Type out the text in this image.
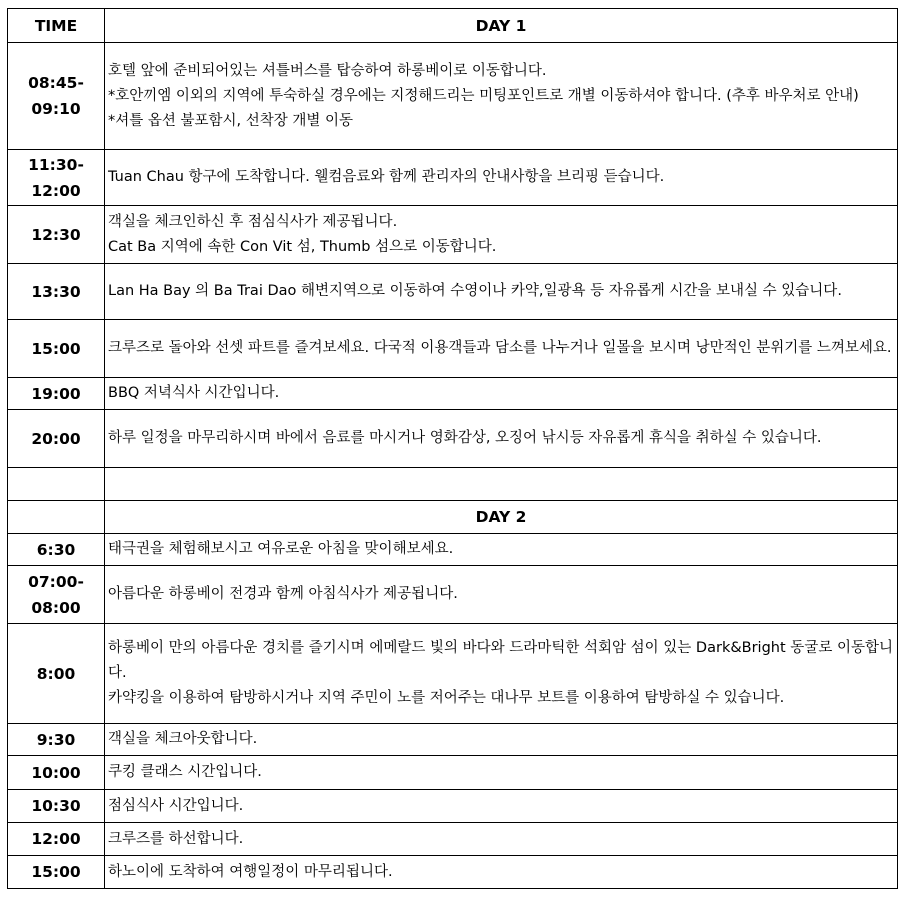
TIME	DAY 1

08:45-
09:10	호텔 앞에 준비되어있는 셔틀버스를 탑승하여 하롱베이로 이동합니다.
*호안끼엠 이외의 지역에 투숙하실 경우에는 지정해드리는 미팅포인트로 개별 이동하셔야 합니다. (추후 바우처로 안내)
*셔틀 옵션 불포함시, 선착장 개별 이동

11:30-
12:00	Tuan Chau 항구에 도착합니다. 웰컴음료와 함께 관리자의 안내사항을 브리핑 듣습니다.

12:30	객실을 체크인하신 후 점심식사가 제공됩니다.
Cat Ba 지역에 속한 Con Vit 섬, Thumb 섬으로 이동합니다.

13:30	Lan Ha Bay 의 Ba Trai Dao 해변지역으로 이동하여 수영이나 카약,일광욕 등 자유롭게 시간을 보내실 수 있습니다.

15:00	크루즈로 돌아와 선셋 파트를 즐겨보세요. 다국적 이용객들과 담소를 나누거나 일몰을 보시며 낭만적인 분위기를 느껴보세요.

19:00	BBQ 저녁식사 시간입니다.

20:00	하루 일정을 마무리하시며 바에서 음료를 마시거나 영화감상, 오징어 낚시등 자유롭게 휴식을 취하실 수 있습니다.

	DAY 2

6:30	태극권을 체험해보시고 여유로운 아침을 맞이해보세요.

07:00-
08:00	아름다운 하롱베이 전경과 함께 아침식사가 제공됩니다.

8:00	하롱베이 만의 아름다운 경치를 즐기시며 에메랄드 빛의 바다와 드라마틱한 석회암 섬이 있는 Dark&Bright 동굴로 이동합니다.
카약킹을 이용하여 탐방하시거나 지역 주민이 노를 저어주는 대나무 보트를 이용하여 탐방하실 수 있습니다.

9:30	객실을 체크아웃합니다.

10:00	쿠킹 클래스 시간입니다.

10:30	점심식사 시간입니다.

12:00	크루즈를 하선합니다.

15:00	하노이에 도착하여 여행일정이 마무리됩니다.
